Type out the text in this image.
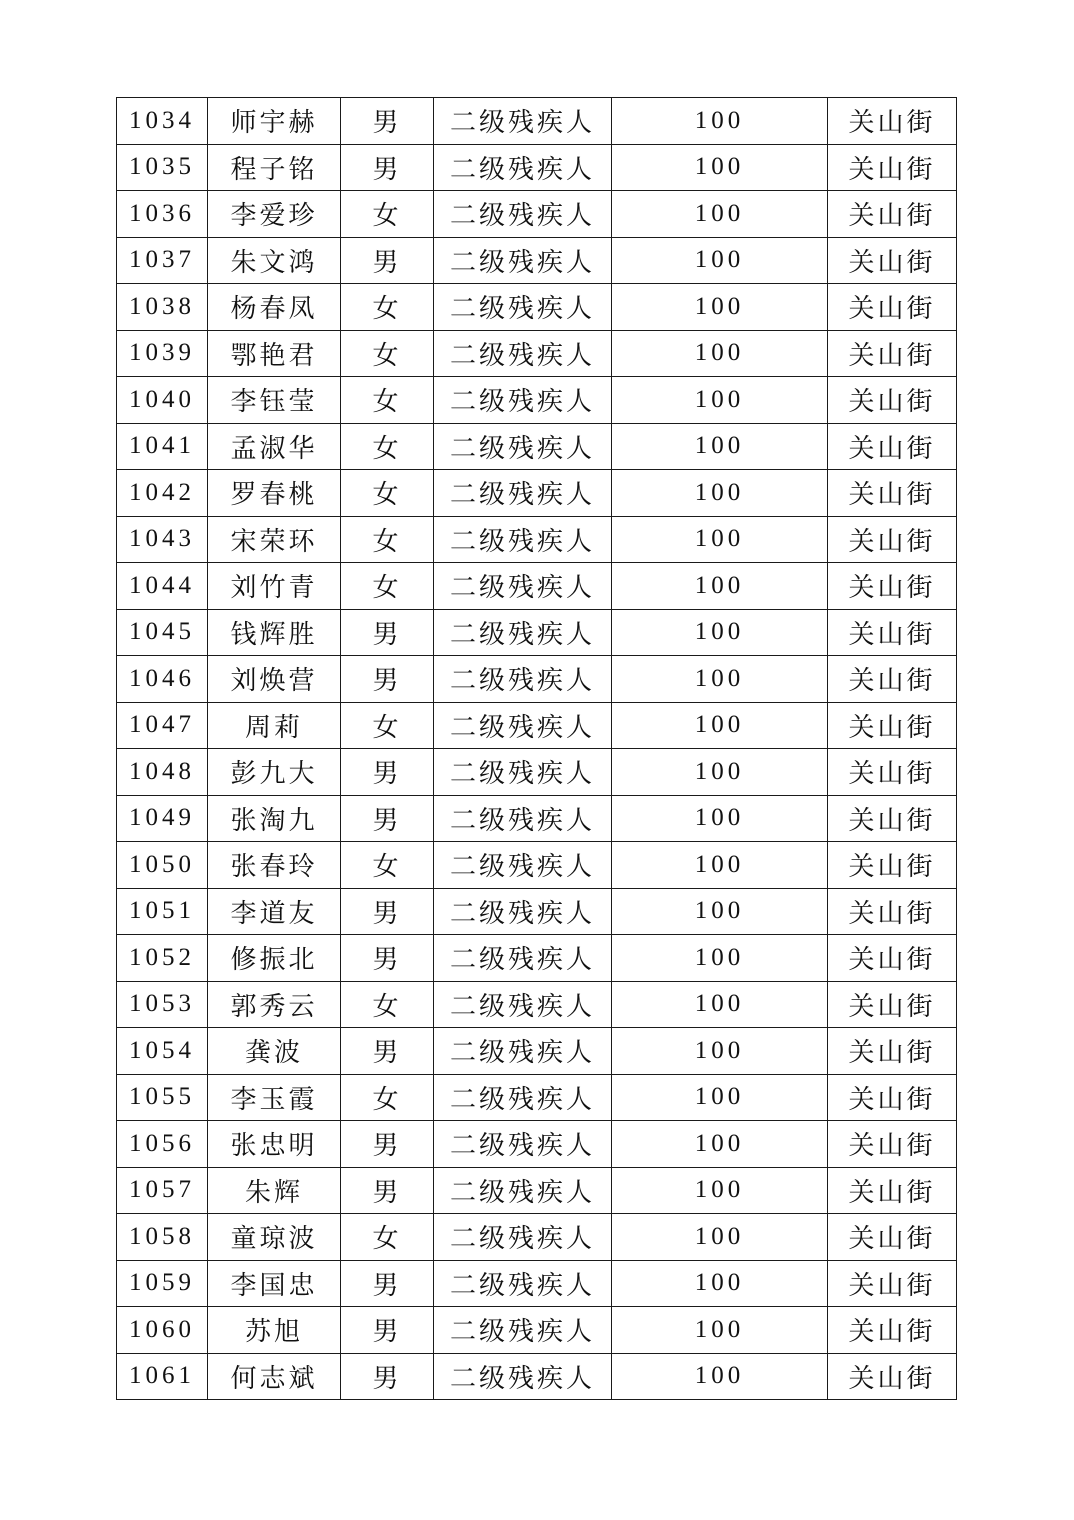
1034	师宇赫	男	二级残疾人	100	关山街
1035	程子铭	男	二级残疾人	100	关山街
1036	李爱珍	女	二级残疾人	100	关山街
1037	朱文鸿	男	二级残疾人	100	关山街
1038	杨春凤	女	二级残疾人	100	关山街
1039	鄂艳君	女	二级残疾人	100	关山街
1040	李钰莹	女	二级残疾人	100	关山街
1041	孟淑华	女	二级残疾人	100	关山街
1042	罗春桃	女	二级残疾人	100	关山街
1043	宋荣环	女	二级残疾人	100	关山街
1044	刘竹青	女	二级残疾人	100	关山街
1045	钱辉胜	男	二级残疾人	100	关山街
1046	刘焕营	男	二级残疾人	100	关山街
1047	周莉	女	二级残疾人	100	关山街
1048	彭九大	男	二级残疾人	100	关山街
1049	张淘九	男	二级残疾人	100	关山街
1050	张春玲	女	二级残疾人	100	关山街
1051	李道友	男	二级残疾人	100	关山街
1052	修振北	男	二级残疾人	100	关山街
1053	郭秀云	女	二级残疾人	100	关山街
1054	龚波	男	二级残疾人	100	关山街
1055	李玉霞	女	二级残疾人	100	关山街
1056	张忠明	男	二级残疾人	100	关山街
1057	朱辉	男	二级残疾人	100	关山街
1058	童琼波	女	二级残疾人	100	关山街
1059	李国忠	男	二级残疾人	100	关山街
1060	苏旭	男	二级残疾人	100	关山街
1061	何志斌	男	二级残疾人	100	关山街
